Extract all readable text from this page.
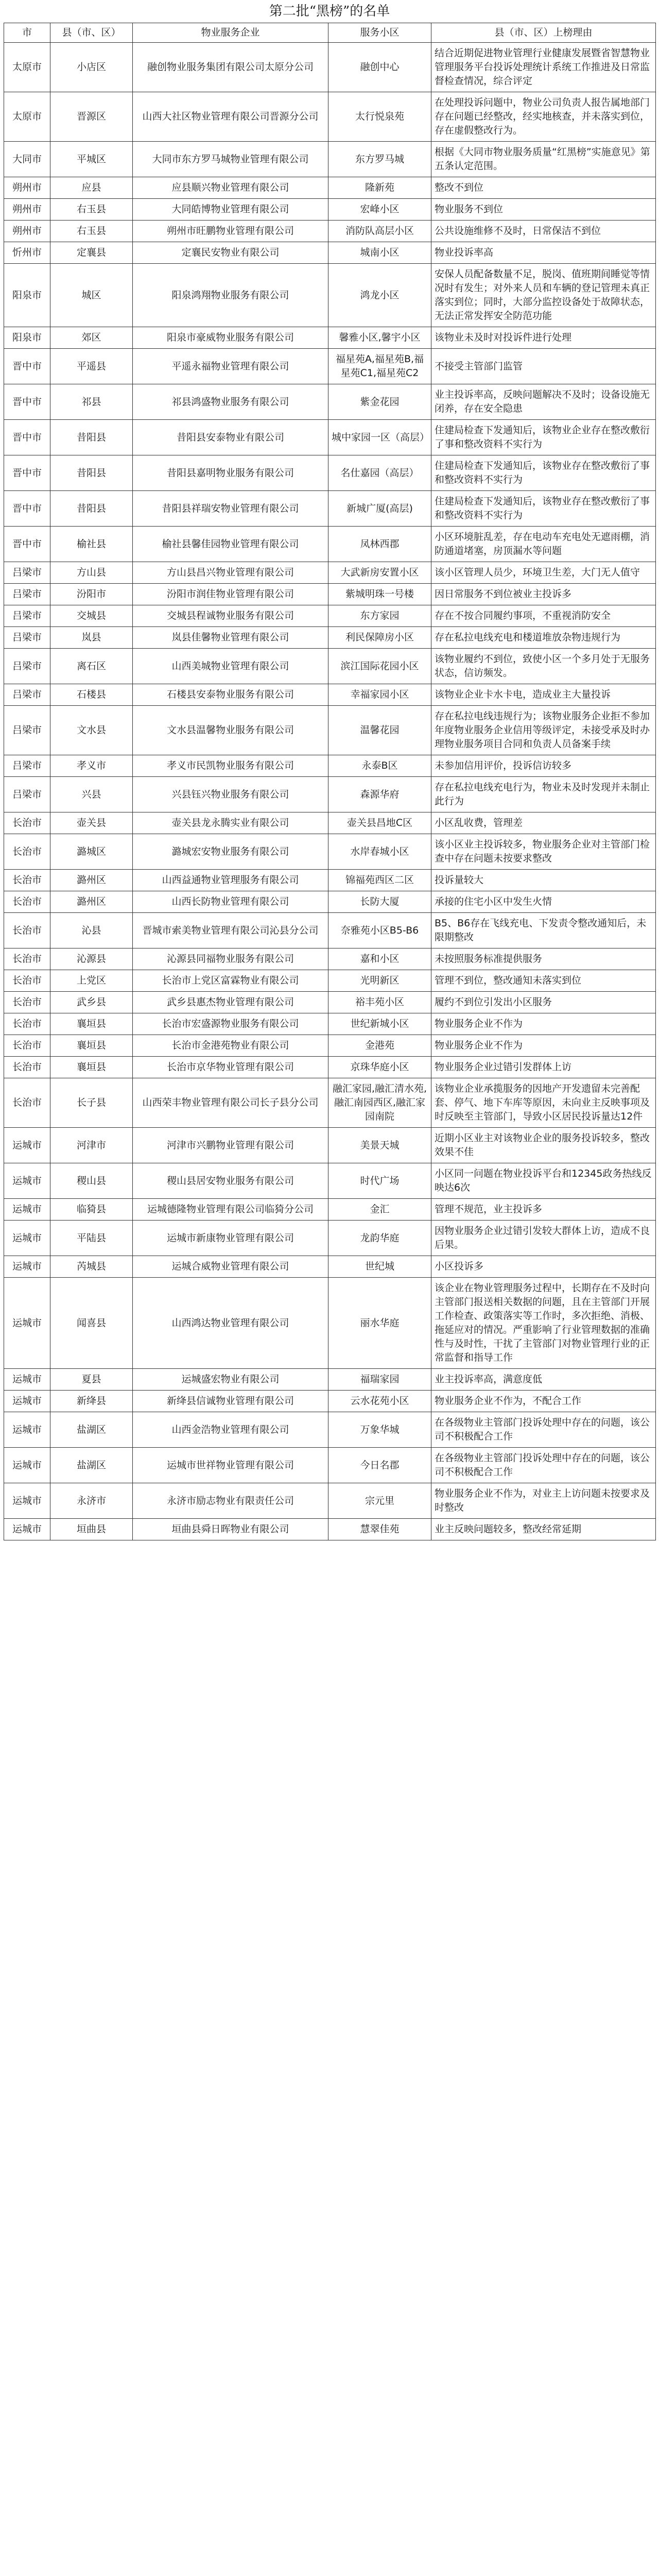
第二批“黑榜”的名单
市	县（市、区）	物业服务企业	服务小区	县（市、区）上榜理由
太原市	小店区	融创物业服务集团有限公司太原分公司	融创中心	结合近期促进物业管理行业健康发展暨省智慧物业管理服务平台投诉处理统计系统工作推进及日常监督检查情况，综合评定
太原市	晋源区	山西大社区物业管理有限公司晋源分公司	太行悦泉苑	在处理投诉问题中，物业公司负责人报告属地部门存在问题已经整改，经实地核查，并未落实到位，存在虚假整改行为。
大同市	平城区	大同市东方罗马城物业管理有限公司	东方罗马城	根据《大同市物业服务质量“红黑榜”实施意见》第五条认定范围。
朔州市	应县	应县顺兴物业管理有限公司	隆新苑	整改不到位
朔州市	右玉县	大同皓博物业管理有限公司	宏峰小区	物业服务不到位
朔州市	右玉县	朔州市旺鹏物业管理有限公司	消防队高层小区	公共设施维修不及时，日常保洁不到位
忻州市	定襄县	定襄民安物业有限公司	城南小区	物业投诉率高
阳泉市	城区	阳泉鸿翔物业服务有限公司	鸿龙小区	安保人员配备数量不足，脱岗、值班期间睡觉等情况时有发生；对外来人员和车辆的登记管理未真正落实到位；同时，大部分监控设备处于故障状态，无法正常发挥安全防范功能
阳泉市	郊区	阳泉市豪威物业服务有限公司	馨雅小区,馨宇小区	该物业未及时对投诉件进行处理
晋中市	平遥县	平遥永福物业管理有限公司	福星苑A,福星苑B,福星苑C1,福星苑C2	不接受主管部门监管
晋中市	祁县	祁县鸿盛物业服务有限公司	紫金花园	业主投诉率高，反映问题解决不及时；设备设施无闭养，存在安全隐患
晋中市	昔阳县	昔阳县安泰物业有限公司	城中家园一区（高层）	住建局检查下发通知后，该物业企业存在整改敷衍了事和整改资料不实行为
晋中市	昔阳县	昔阳县嘉明物业服务有限公司	名仕嘉园（高层）	住建局检查下发通知后，该物业存在整改敷衍了事和整改资料不实行为
晋中市	昔阳县	昔阳县祥瑞安物业管理有限公司	新城广厦(高层)	住建局检查下发通知后，该物业存在整改敷衍了事和整改资料不实行为
晋中市	榆社县	榆社县馨佳园物业管理有限公司	凤林西郡	小区环境脏乱差，存在电动车充电处无遮雨棚，消防通道堵塞，房顶漏水等问题
吕梁市	方山县	方山县昌兴物业管理有限公司	大武新房安置小区	该小区管理人员少，环境卫生差，大门无人值守
吕梁市	汾阳市	汾阳市润佳物业管理有限公司	紫城明珠一号楼	因日常服务不到位被业主投诉多
吕梁市	交城县	交城县程诚物业服务有限公司	东方家园	存在不按合同履约事项，不重视消防安全
吕梁市	岚县	岚县佳馨物业管理有限公司	利民保障房小区	存在私拉电线充电和楼道堆放杂物违规行为
吕梁市	离石区	山西美城物业管理有限公司	滨江国际花园小区	该物业履约不到位，致使小区一个多月处于无服务状态，信访频发。
吕梁市	石楼县	石楼县安泰物业服务有限公司	幸福家园小区	该物业企业卡水卡电，造成业主大量投诉
吕梁市	文水县	文水县温馨物业服务有限公司	温馨花园	存在私拉电线违规行为；该物业服务企业拒不参加年度物业服务企业信用等级评定，未接受承及时办理物业服务项目合同和负责人员备案手续
吕梁市	孝义市	孝义市民凯物业服务有限公司	永泰B区	未参加信用评价，投诉信访较多
吕梁市	兴县	兴县钰兴物业服务有限公司	森源华府	存在私拉电线充电行为，物业未及时发现并未制止此行为
长治市	壶关县	壶关县龙永腾实业有限公司	壶关县昌地C区	小区乱收费，管理差
长治市	潞城区	潞城宏安物业服务有限公司	水岸春城小区	该小区业主投诉较多，物业服务企业对主管部门检查中存在问题未按要求整改
长治市	潞州区	山西益通物业管理服务有限公司	锦福苑西区二区	投诉量较大
长治市	潞州区	山西长防物业管理有限公司	长防大厦	承接的住宅小区中发生火情
长治市	沁县	晋城市索美物业管理有限公司沁县分公司	奈雅苑小区B5-B6	B5、B6存在飞线充电、下发责令整改通知后，未限期整改
长治市	沁源县	沁源县同福物业服务有限公司	嘉和小区	未按照服务标准提供服务
长治市	上党区	长治市上党区富霖物业有限公司	光明新区	管理不到位，整改通知未落实到位
长治市	武乡县	武乡县惠杰物业管理有限公司	裕丰苑小区	履约不到位引发出小区服务
长治市	襄垣县	长治市宏盛源物业服务有限公司	世纪新城小区	物业服务企业不作为
长治市	襄垣县	长治市金港苑物业有限公司	金港苑	物业服务企业不作为
长治市	襄垣县	长治市京华物业管理有限公司	京珠华庭小区	物业服务企业过错引发群体上访
长治市	长子县	山西荣丰物业管理有限公司长子县分公司	融汇家园,融汇清水苑,融汇南园西区,融汇家园南院	该物业企业承揽服务的因地产开发遗留未完善配套、停气、地下车库等原因，未向业主反映事项及时反映至主管部门，导致小区居民投诉量达12件
运城市	河津市	河津市兴鹏物业管理有限公司	美景天城	近期小区业主对该物业企业的服务投诉较多，整改效果不佳
运城市	稷山县	稷山县居安物业服务有限公司	时代广场	小区同一问题在物业投诉平台和12345政务热线反映达6次
运城市	临猗县	运城德隆物业管理有限公司临猗分公司	金汇	管理不规范，业主投诉多
运城市	平陆县	运城市新康物业管理有限公司	龙韵华庭	因物业服务企业过错引发较大群体上访，造成不良后果。
运城市	芮城县	运城合威物业管理有限公司	世纪城	小区投诉多
运城市	闻喜县	山西鸿达物业管理有限公司	丽水华庭	该企业在物业管理服务过程中，长期存在不及时向主管部门报送相关数据的问题，且在主管部门开展工作检查、政策落实等工作时，多次拒绝、消极、拖延应对的情况。严重影响了行业管理数据的准确性与及时性，干扰了主管部门对物业管理行业的正常监督和指导工作
运城市	夏县	运城盛宏物业有限公司	福瑞家园	业主投诉率高，满意度低
运城市	新绛县	新绛县信诚物业管理有限公司	云水花苑小区	物业服务企业不作为，不配合工作
运城市	盐湖区	山西金浩物业管理有限公司	万象华城	在各级物业主管部门投诉处理中存在的问题，该公司不积极配合工作
运城市	盐湖区	运城市世祥物业管理有限公司	今日名郡	在各级物业主管部门投诉处理中存在的问题，该公司不积极配合工作
运城市	永济市	永济市励志物业有限责任公司	宗元里	物业服务企业不作为，对业主上访问题未按要求及时整改
运城市	垣曲县	垣曲县舜日晖物业有限公司	慧翠佳苑	业主反映问题较多，整改经常延期
